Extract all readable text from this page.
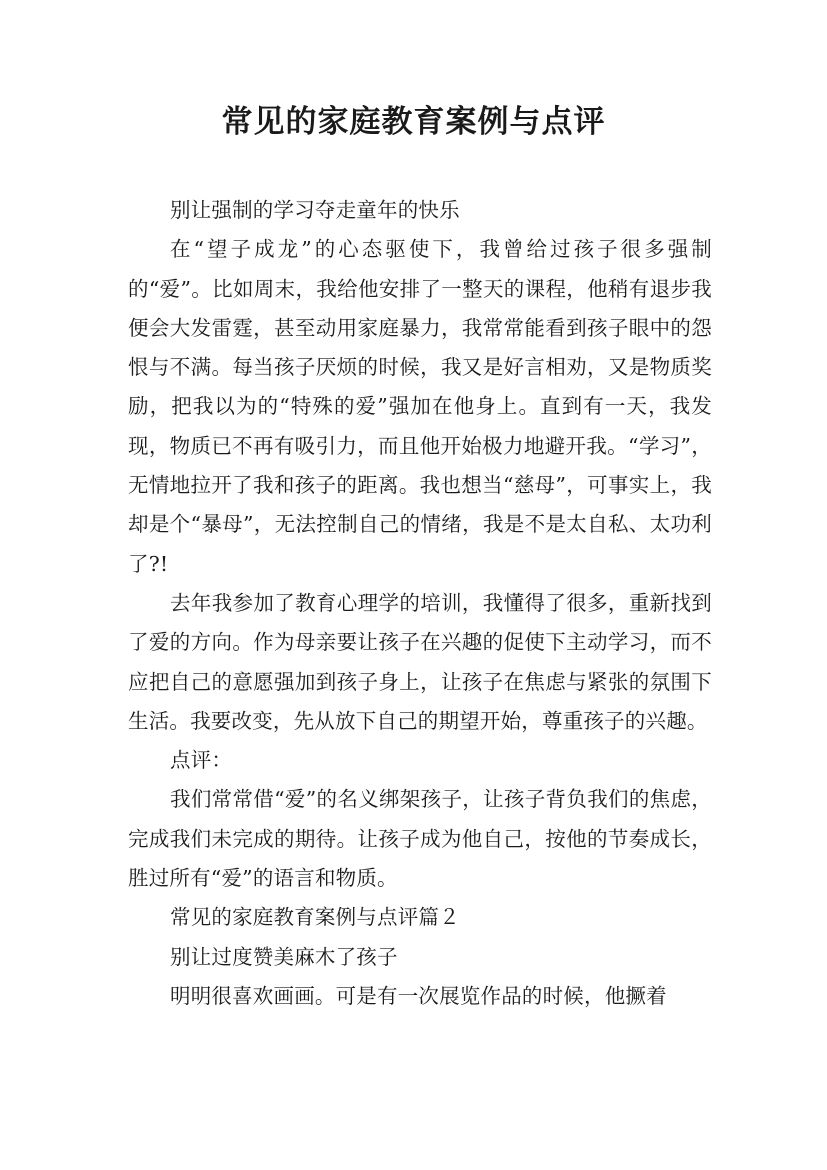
常见的家庭教育案例与点评

别让强制的学习夺走童年的快乐

在“望子成龙”的心态驱使下，我曾给过孩子很多强制的“爱”。比如周末，我给他安排了一整天的课程，他稍有退步我便会大发雷霆，甚至动用家庭暴力，我常常能看到孩子眼中的怨恨与不满。每当孩子厌烦的时候，我又是好言相劝，又是物质奖励，把我以为的“特殊的爱”强加在他身上。直到有一天，我发现，物质已不再有吸引力，而且他开始极力地避开我。“学习”，无情地拉开了我和孩子的距离。我也想当“慈母”，可事实上，我却是个“暴母”，无法控制自己的情绪，我是不是太自私、太功利了?!

去年我参加了教育心理学的培训，我懂得了很多，重新找到了爱的方向。作为母亲要让孩子在兴趣的促使下主动学习，而不应把自己的意愿强加到孩子身上，让孩子在焦虑与紧张的氛围下生活。我要改变，先从放下自己的期望开始，尊重孩子的兴趣。

点评：

我们常常借“爱”的名义绑架孩子，让孩子背负我们的焦虑，完成我们未完成的期待。让孩子成为他自己，按他的节奏成长，胜过所有“爱”的语言和物质。

常见的家庭教育案例与点评篇２

别让过度赞美麻木了孩子

明明很喜欢画画。可是有一次展览作品的时候，他撅着
